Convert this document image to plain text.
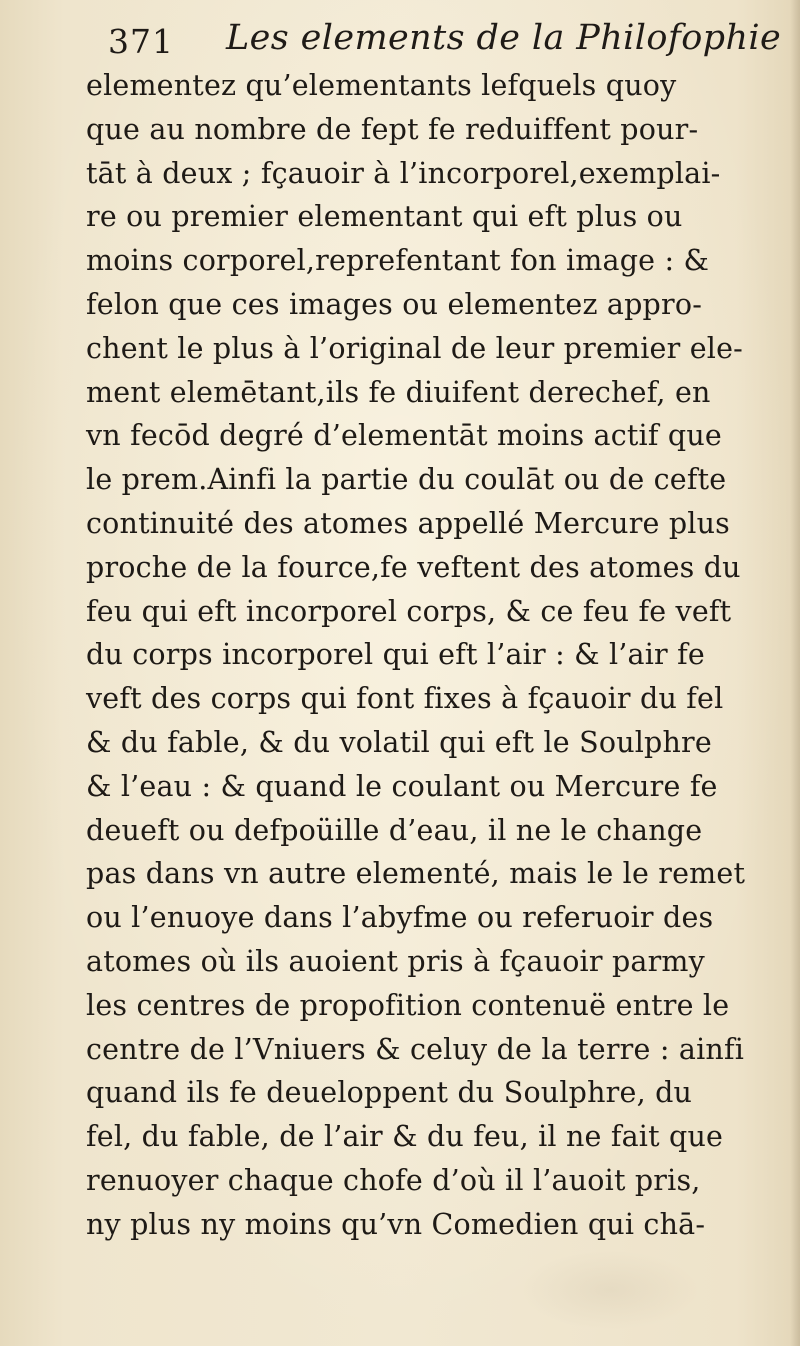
371 Les elements de la Philofophie
elementez qu’elementants lefquels quoy
que au nombre de fept fe reduiffent pour-
tāt à deux ; fçauoir à l’incorporel,exemplai-
re ou premier elementant qui eft plus ou
moins corporel,reprefentant fon image : &
felon que ces images ou elementez appro-
chent le plus à l’original de leur premier ele-
ment elemētant,ils fe diuifent derechef, en
vn fecōd degré d’elementāt moins actif que
le prem.Ainfi la partie du coulāt ou de cefte
continuité des atomes appellé Mercure plus
proche de la fource,fe veftent des atomes du
feu qui eft incorporel corps, & ce feu fe veft
du corps incorporel qui eft l’air : & l’air fe
veft des corps qui font fixes à fçauoir du fel
& du fable, & du volatil qui eft le Soulphre
& l’eau : & quand le coulant ou Mercure fe
deueft ou defpoüille d’eau, il ne le change
pas dans vn autre elementé, mais le le remet
ou l’enuoye dans l’abyfme ou referuoir des
atomes où ils auoient pris à fçauoir parmy
les centres de propofition contenuë entre le
centre de l’Vniuers & celuy de la terre : ainfi
quand ils fe deueloppent du Soulphre, du
fel, du fable, de l’air & du feu, il ne fait que
renuoyer chaque chofe d’où il l’auoit pris,
ny plus ny moins qu’vn Comedien qui chā-
